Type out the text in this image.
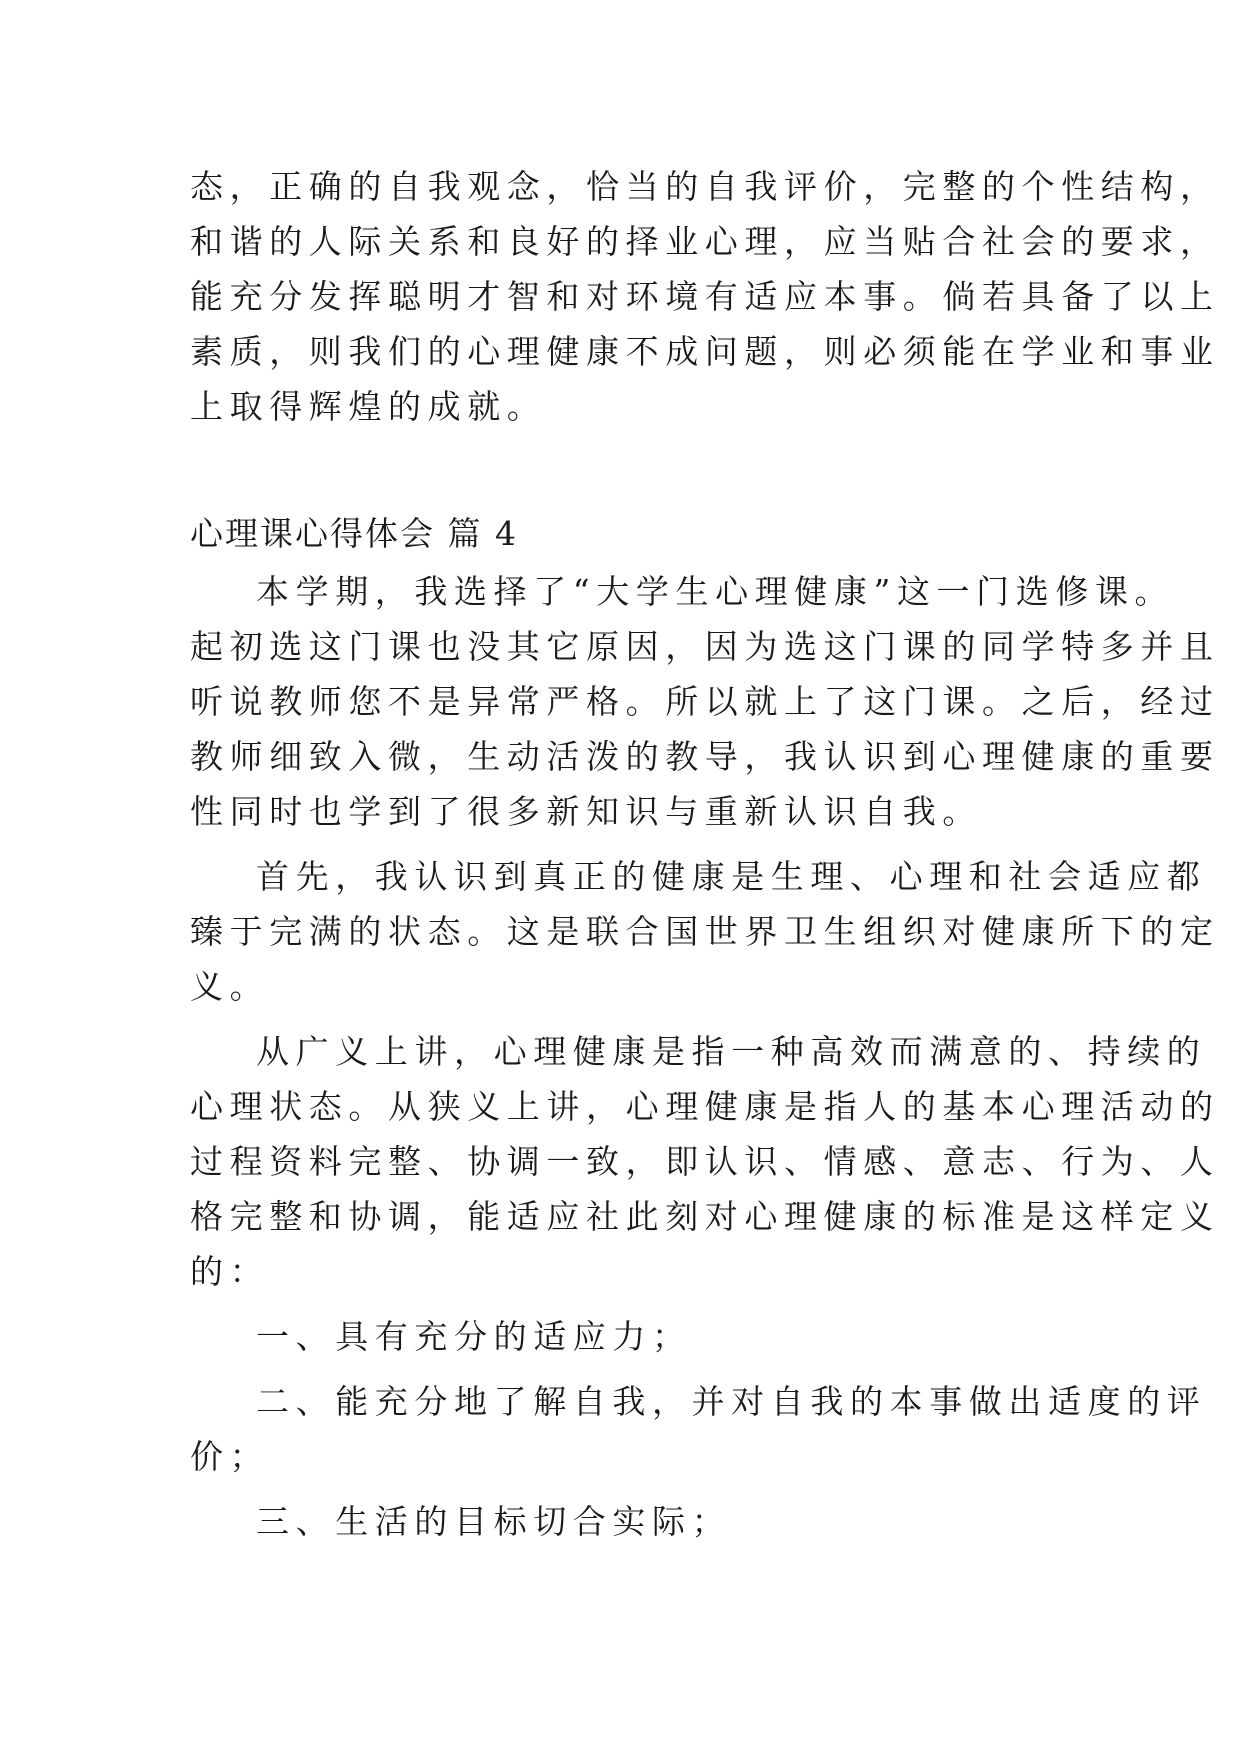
态，正确的自我观念，恰当的自我评价，完整的个性结构，
和谐的人际关系和良好的择业心理，应当贴合社会的要求，
能充分发挥聪明才智和对环境有适应本事。倘若具备了以上
素质，则我们的心理健康不成问题，则必须能在学业和事业
上取得辉煌的成就。
心理课心得体会 篇 4
本学期，我选择了“大学生心理健康”这一门选修课。
起初选这门课也没其它原因，因为选这门课的同学特多并且
听说教师您不是异常严格。所以就上了这门课。之后，经过
教师细致入微，生动活泼的教导，我认识到心理健康的重要
性同时也学到了很多新知识与重新认识自我。
首先，我认识到真正的健康是生理、心理和社会适应都
臻于完满的状态。这是联合国世界卫生组织对健康所下的定
义。
从广义上讲，心理健康是指一种高效而满意的、持续的
心理状态。从狭义上讲，心理健康是指人的基本心理活动的
过程资料完整、协调一致，即认识、情感、意志、行为、人
格完整和协调，能适应社此刻对心理健康的标准是这样定义
的：
一、具有充分的适应力；
二、能充分地了解自我，并对自我的本事做出适度的评
价；
三、生活的目标切合实际；
